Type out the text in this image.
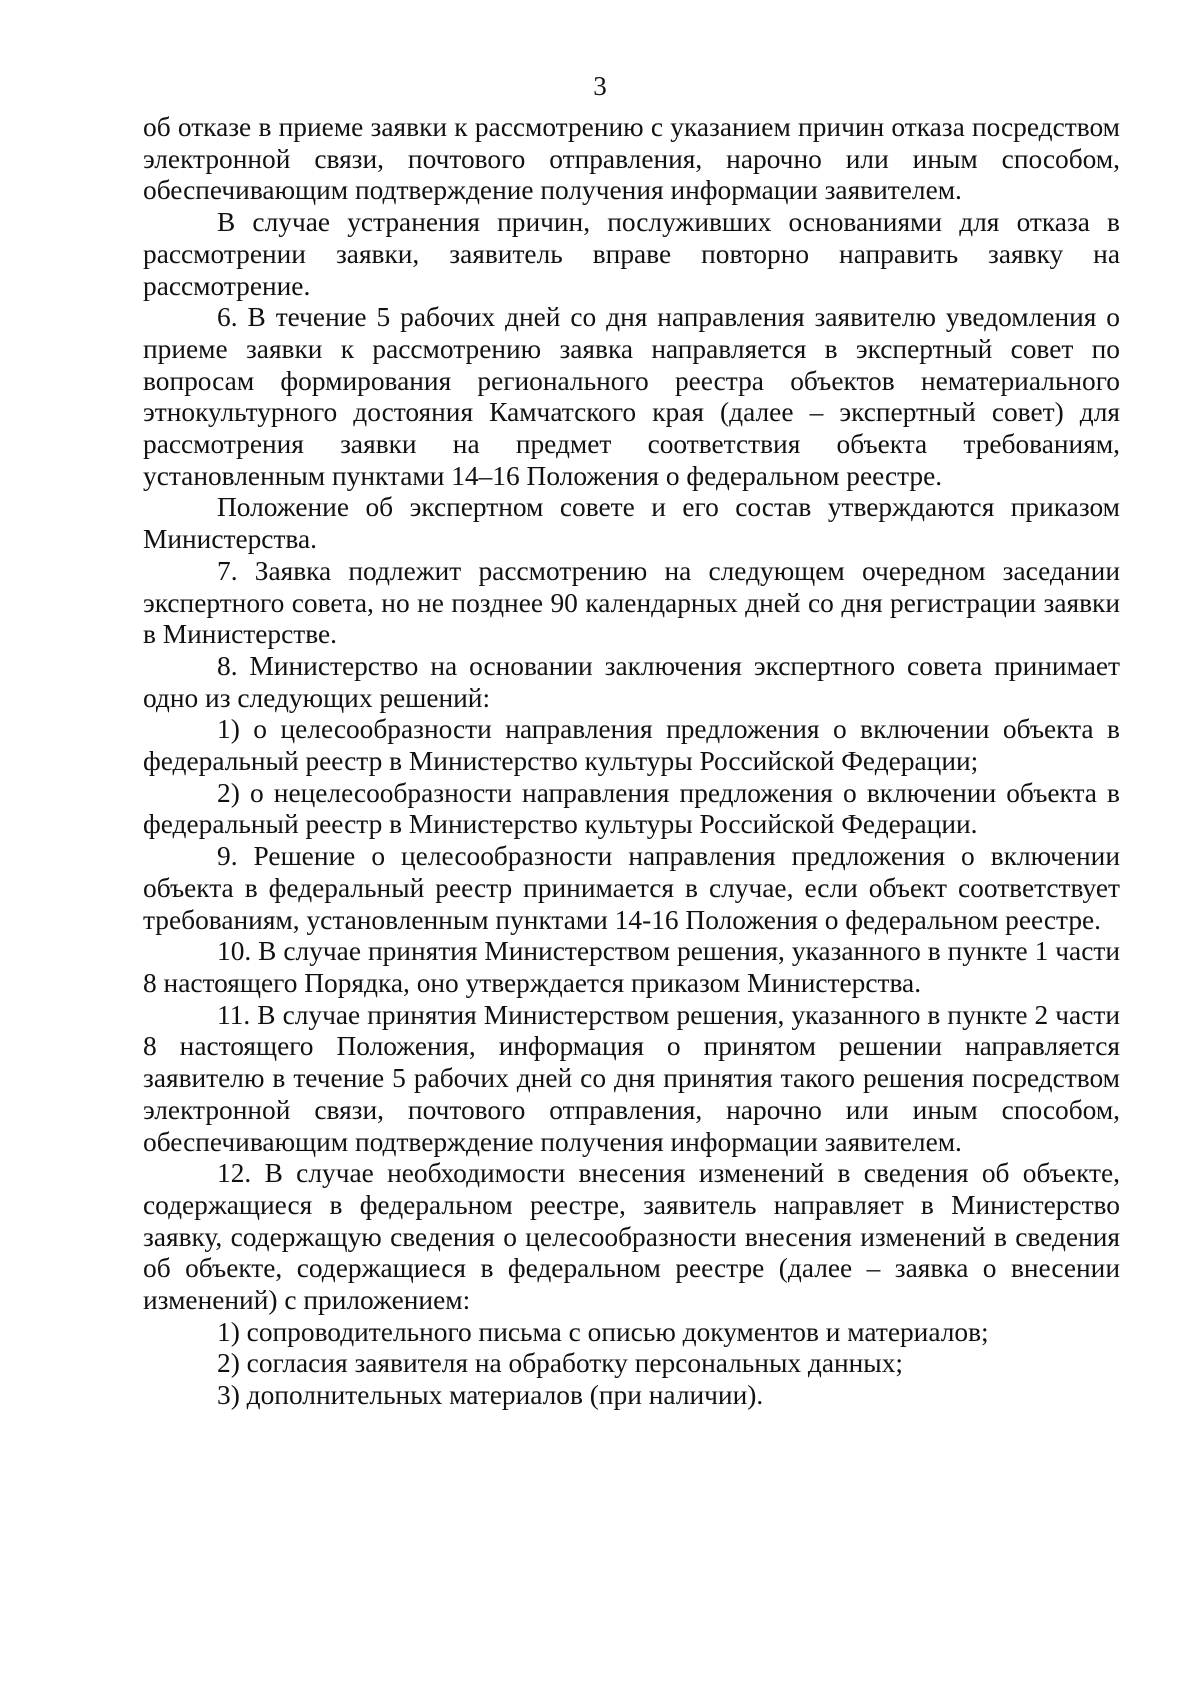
3

об отказе в приеме заявки к рассмотрению с указанием причин отказа посредством электронной связи, почтового отправления, нарочно или иным способом, обеспечивающим подтверждение получения информации заявителем.

В случае устранения причин, послуживших основаниями для отказа в рассмотрении заявки, заявитель вправе повторно направить заявку на рассмотрение.

6. В течение 5 рабочих дней со дня направления заявителю уведомления о приеме заявки к рассмотрению заявка направляется в экспертный совет по вопросам формирования регионального реестра объектов нематериального этнокультурного достояния Камчатского края (далее – экспертный совет) для рассмотрения заявки на предмет соответствия объекта требованиям, установленным пунктами 14–16 Положения о федеральном реестре.

Положение об экспертном совете и его состав утверждаются приказом Министерства.

7. Заявка подлежит рассмотрению на следующем очередном заседании экспертного совета, но не позднее 90 календарных дней со дня регистрации заявки в Министерстве.

8. Министерство на основании заключения экспертного совета принимает одно из следующих решений:

1) о целесообразности направления предложения о включении объекта в федеральный реестр в Министерство культуры Российской Федерации;

2) о нецелесообразности направления предложения о включении объекта в федеральный реестр в Министерство культуры Российской Федерации.

9. Решение о целесообразности направления предложения о включении объекта в федеральный реестр принимается в случае, если объект соответствует требованиям, установленным пунктами 14-16 Положения о федеральном реестре.

10. В случае принятия Министерством решения, указанного в пункте 1 части 8 настоящего Порядка, оно утверждается приказом Министерства.

11. В случае принятия Министерством решения, указанного в пункте 2 части 8 настоящего Положения, информация о принятом решении направляется заявителю в течение 5 рабочих дней со дня принятия такого решения посредством электронной связи, почтового отправления, нарочно или иным способом, обеспечивающим подтверждение получения информации заявителем.

12. В случае необходимости внесения изменений в сведения об объекте, содержащиеся в федеральном реестре, заявитель направляет в Министерство заявку, содержащую сведения о целесообразности внесения изменений в сведения об объекте, содержащиеся в федеральном реестре (далее – заявка о внесении изменений) с приложением:

1) сопроводительного письма с описью документов и материалов;

2) согласия заявителя на обработку персональных данных;

3) дополнительных материалов (при наличии).
